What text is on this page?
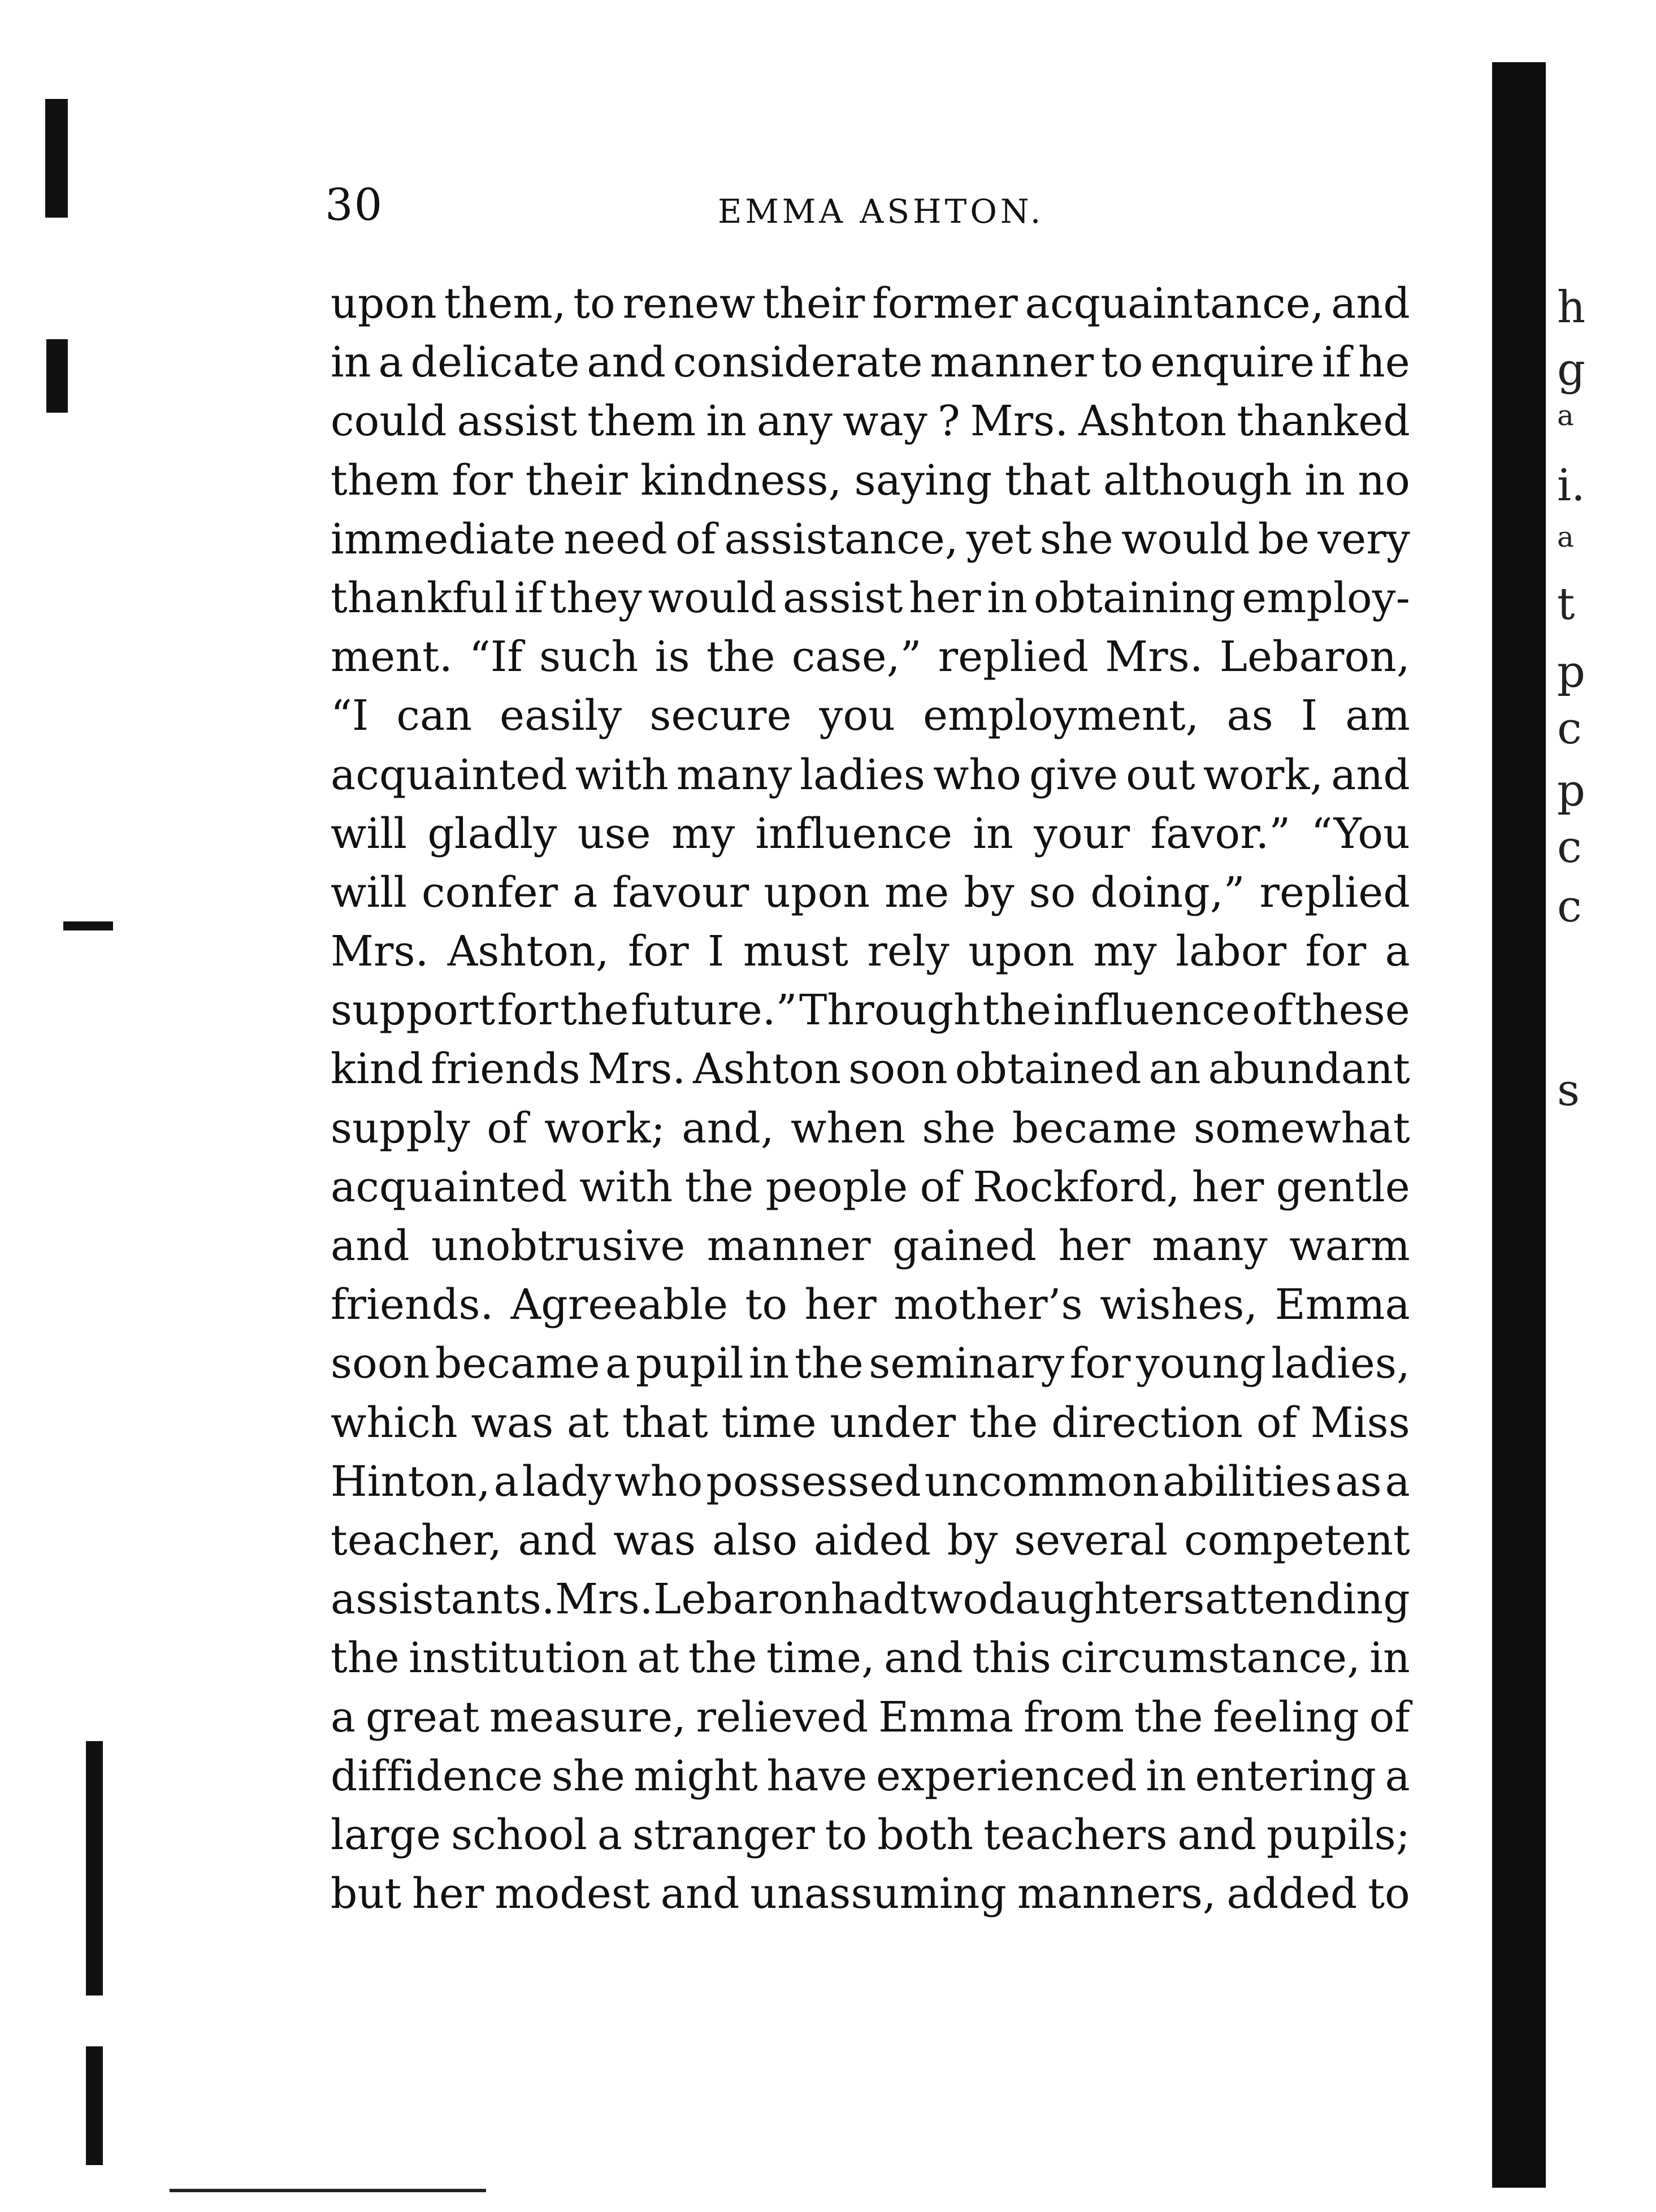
h
g
a
i.
a
t
p
c
p
c
c
s
30	EMMA ASHTON.
upon them, to renew their former acquaintance, and
in a delicate and considerate manner to enquire if he
could assist them in any way ? Mrs. Ashton thanked
them for their kindness, saying that although in no
immediate need of assistance, yet she would be very
thankful if they would assist her in obtaining employ-
ment. “If such is the case,” replied Mrs. Lebaron,
“I can easily secure you employment, as I am
acquainted with many ladies who give out work, and
will gladly use my influence in your favor.” “You
will confer a favour upon me by so doing,” replied
Mrs. Ashton, for I must rely upon my labor for a
support for the future.” Through the influence of these
kind friends Mrs. Ashton soon obtained an abundant
supply of work; and, when she became somewhat
acquainted with the people of Rockford, her gentle
and unobtrusive manner gained her many warm
friends. Agreeable to her mother’s wishes, Emma
soon became a pupil in the seminary for young ladies,
which was at that time under the direction of Miss
Hinton, a lady who possessed uncommon abilities as a
teacher, and was also aided by several competent
assistants. Mrs. Lebaron had two daughters attending
the institution at the time, and this circumstance, in
a great measure, relieved Emma from the feeling of
diffidence she might have experienced in entering a
large school a stranger to both teachers and pupils;
but her modest and unassuming manners, added to
